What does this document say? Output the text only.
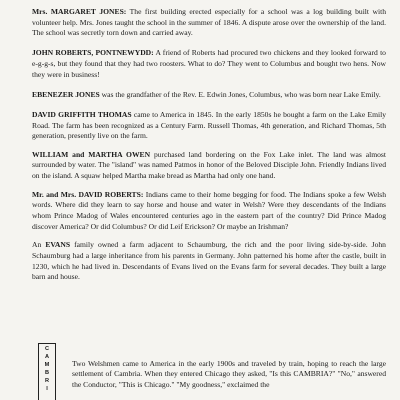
Mrs. MARGARET JONES: The first building erected especially for a school was a log building built with volunteer help. Mrs. Jones taught the school in the summer of 1846. A dispute arose over the ownership of the land. The school was secretly torn down and carried away.

JOHN ROBERTS, PONTNEWYDD: A friend of Roberts had procured two chickens and they looked forward to e-g-g-s, but they found that they had two roosters. What to do? They went to Columbus and bought two hens. Now they were in business!

EBENEZER JONES was the grandfather of the Rev. E. Edwin Jones, Columbus, who was born near Lake Emily.

DAVID GRIFFITH THOMAS came to America in 1845. In the early 1850s he bought a farm on the Lake Emily Road. The farm has been recognized as a Century Farm. Russell Thomas, 4th generation, and Richard Thomas, 5th generation, presently live on the farm.

WILLIAM and MARTHA OWEN purchased land bordering on the Fox Lake inlet. The land was almost surrounded by water. The "island" was named Patmos in honor of the Beloved Disciple John. Friendly Indians lived on the island. A squaw helped Martha make bread as Martha had only one hand.

Mr. and Mrs. DAVID ROBERTS: Indians came to their home begging for food. The Indians spoke a few Welsh words. Where did they learn to say horse and house and water in Welsh? Were they descendants of the Indians whom Prince Madog of Wales encountered centuries ago in the eastern part of the country? Did Prince Madog discover America? Or did Columbus? Or did Leif Erickson? Or maybe an Irishman?

An EVANS family owned a farm adjacent to Schaumburg, the rich and the poor living side-by-side. John Schaumburg had a large inheritance from his parents in Germany. John patterned his home after the castle, built in 1230, which he had lived in. Descendants of Evans lived on the Evans farm for several decades. They built a large barn and house.

C
A
M
B
R
I

Two Welshmen came to America in the early 1900s and traveled by train, hoping to reach the large settlement of Cambria. When they entered Chicago they asked, "Is this CAMBRIA?" "No," answered the Conductor, "This is Chicago." "My goodness," exclaimed the
